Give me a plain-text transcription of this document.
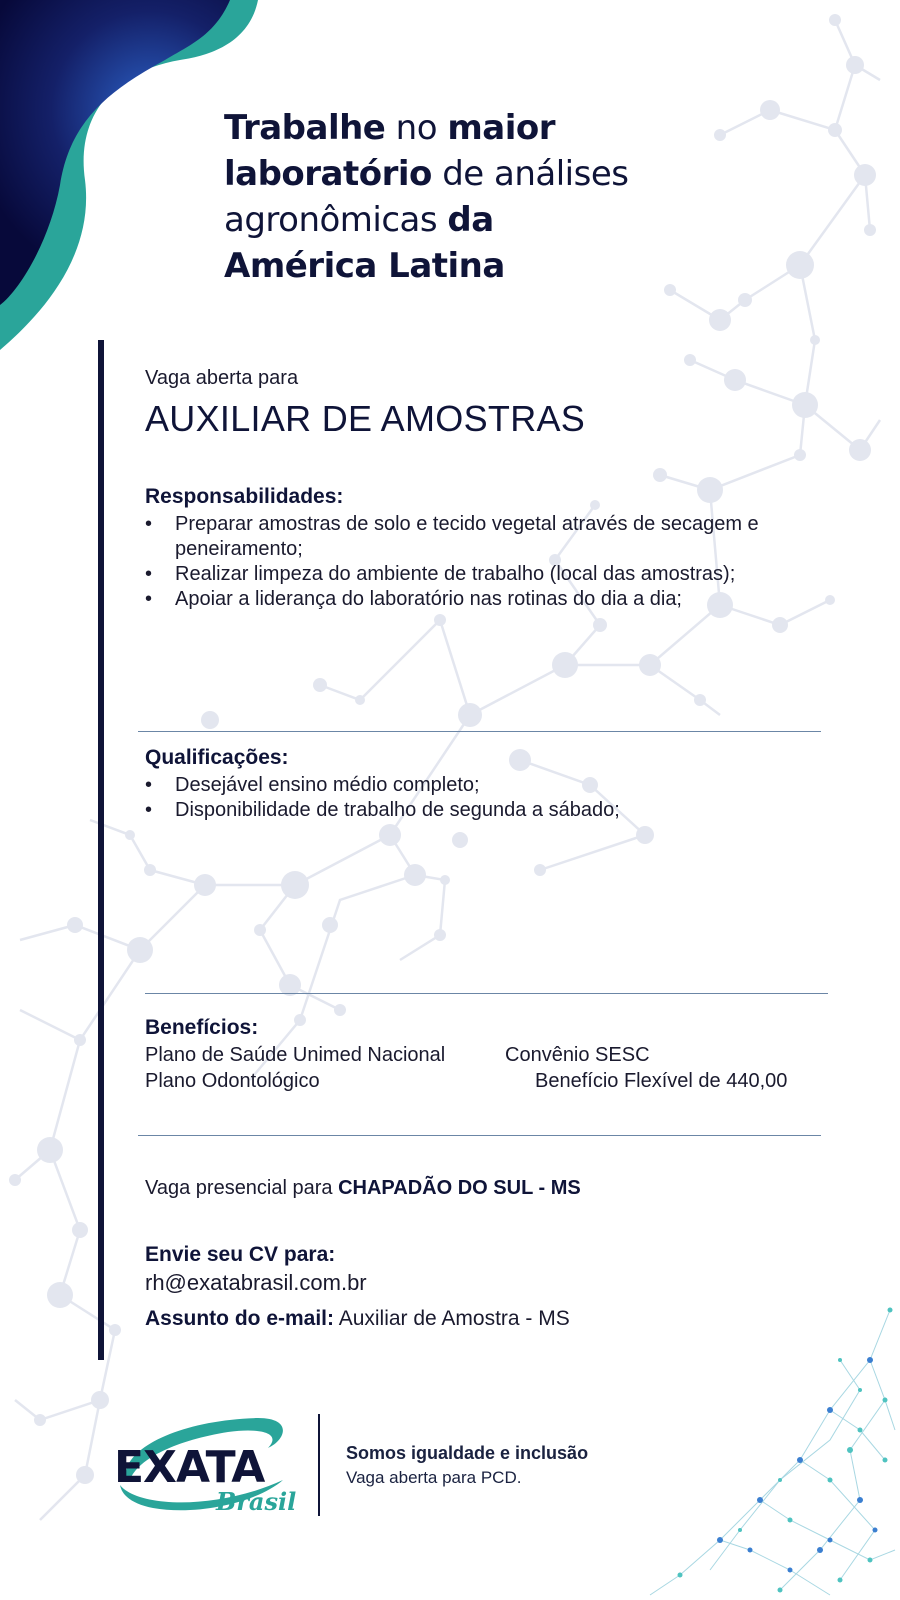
Trabalhe no maior
laboratório de análises
agronômicas da
América Latina
Vaga aberta para
AUXILIAR DE AMOSTRAS
Responsabilidades:
• Preparar amostras de solo e tecido vegetal através de secagem e peneiramento;
• Realizar limpeza do ambiente de trabalho (local das amostras);
• Apoiar a liderança do laboratório nas rotinas do dia a dia;
Qualificações:
• Desejável ensino médio completo;
• Disponibilidade de trabalho de segunda a sábado;
Benefícios:
Plano de Saúde Unimed Nacional	Convênio SESC
Plano Odontológico	Benefício Flexível de 440,00
Vaga presencial para CHAPADÃO DO SUL - MS
Envie seu CV para:
rh@exatabrasil.com.br
Assunto do e-mail: Auxiliar de Amostra - MS
EXATA
Brasil
Somos igualdade e inclusão
Vaga aberta para PCD.
